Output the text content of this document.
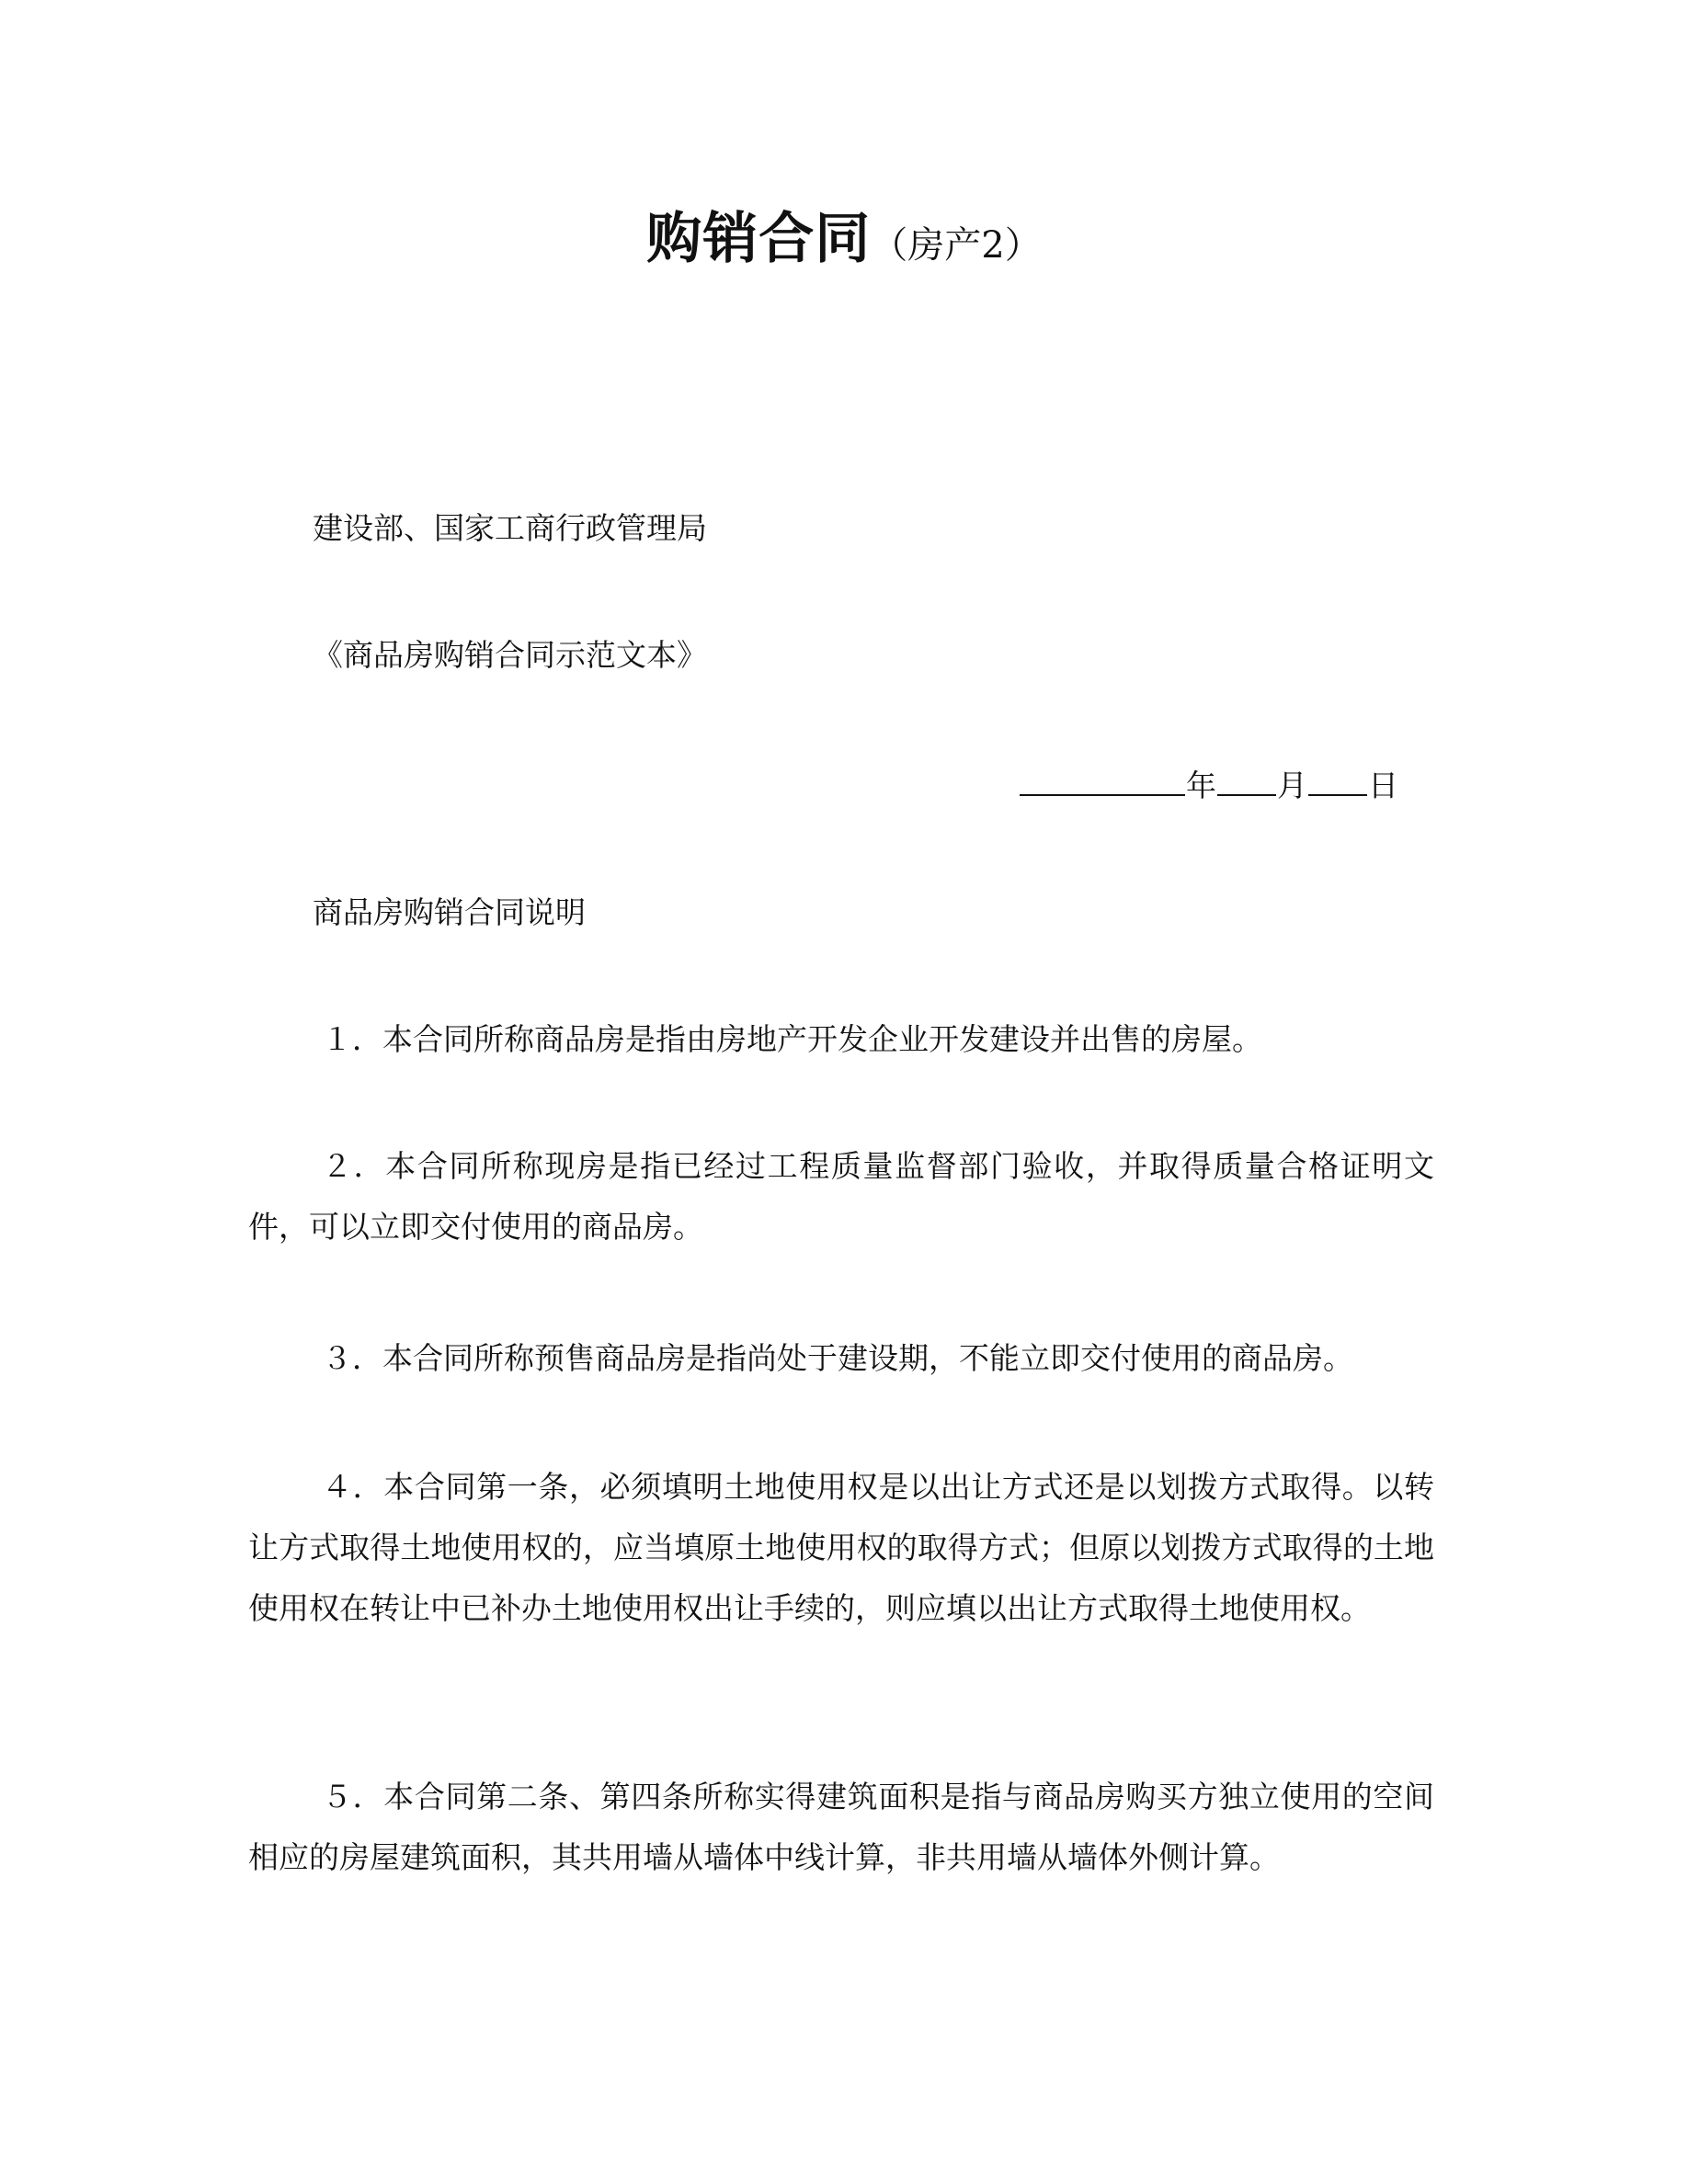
购销合同（房产2）
建设部、国家工商行政管理局
《商品房购销合同示范文本》
年 月 日
商品房购销合同说明
１．本合同所称商品房是指由房地产开发企业开发建设并出售的房屋。
２．本合同所称现房是指已经过工程质量监督部门验收，并取得质量合格证明文件，可以立即交付使用的商品房。
３．本合同所称预售商品房是指尚处于建设期，不能立即交付使用的商品房。
４．本合同第一条，必须填明土地使用权是以出让方式还是以划拨方式取得。以转让方式取得土地使用权的，应当填原土地使用权的取得方式；但原以划拨方式取得的土地使用权在转让中已补办土地使用权出让手续的，则应填以出让方式取得土地使用权。
５．本合同第二条、第四条所称实得建筑面积是指与商品房购买方独立使用的空间相应的房屋建筑面积，其共用墙从墙体中线计算，非共用墙从墙体外侧计算。
